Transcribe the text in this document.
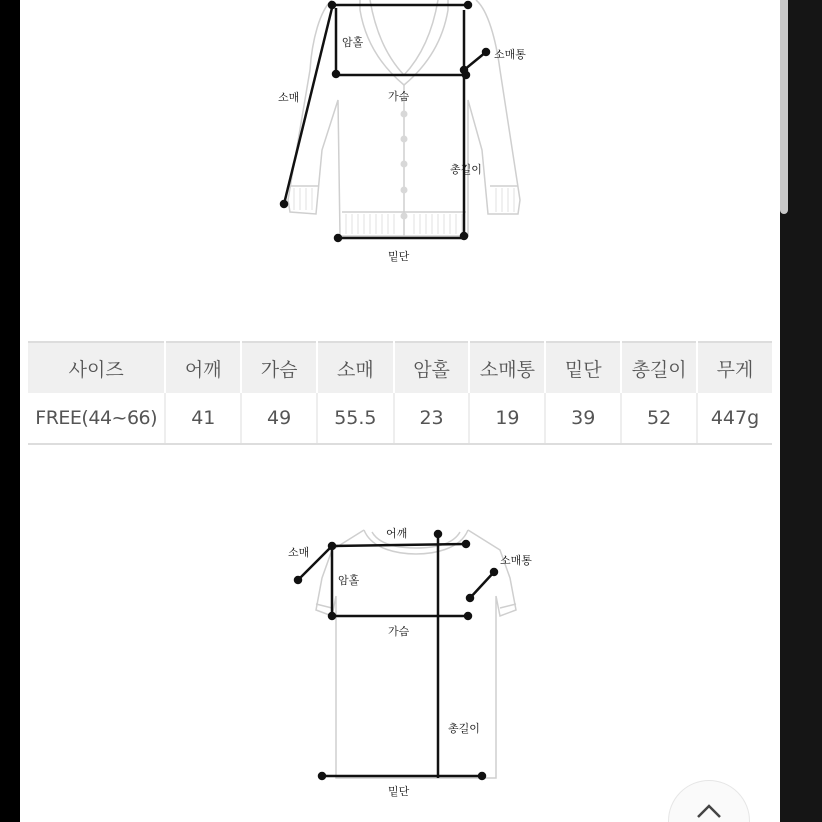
암홀
소매통
소매	가슴
총길이
밑단
사이즈	어깨	가슴	소매	암홀	소매통	밑단	총길이	무게
FREE(44~66)	41	49	55.5	23	19	39	52	447g
어깨
소매
소매통
암홀
가슴
총길이
밑단
